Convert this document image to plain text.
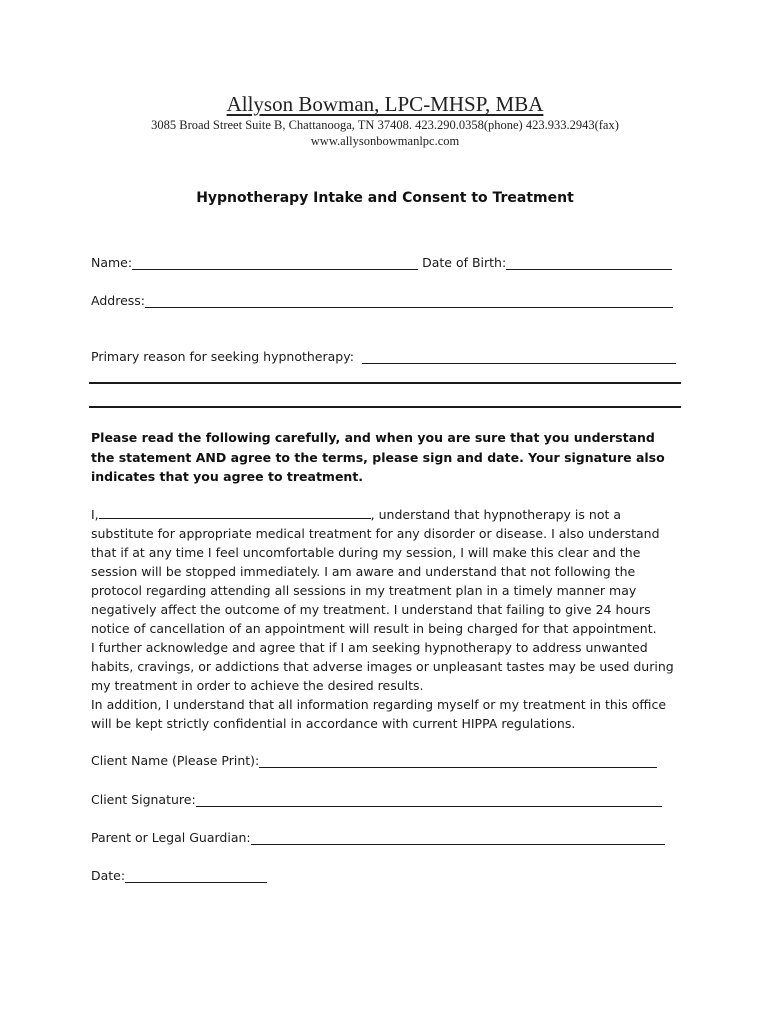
Allyson Bowman, LPC-MHSP, MBA
3085 Broad Street Suite B, Chattanooga, TN 37408. 423.290.0358(phone) 423.933.2943(fax)
www.allysonbowmanlpc.com
Hypnotherapy Intake and Consent to Treatment
Name:	Date of Birth:
Address:
Primary reason for seeking hypnotherapy:
Please read the following carefully, and when you are sure that you understand the statement AND agree to the terms, please sign and date. Your signature also indicates that you agree to treatment.

I,	, understand that hypnotherapy is not a substitute for appropriate medical treatment for any disorder or disease. I also understand that if at any time I feel uncomfortable during my session, I will make this clear and the session will be stopped immediately. I am aware and understand that not following the protocol regarding attending all sessions in my treatment plan in a timely manner may negatively affect the outcome of my treatment. I understand that failing to give 24 hours notice of cancellation of an appointment will result in being charged for that appointment.

I further acknowledge and agree that if I am seeking hypnotherapy to address unwanted habits, cravings, or addictions that adverse images or unpleasant tastes may be used during my treatment in order to achieve the desired results.

In addition, I understand that all information regarding myself or my treatment in this office will be kept strictly confidential in accordance with current HIPPA regulations.

Client Name (Please Print):
Client Signature:
Parent or Legal Guardian:
Date:
